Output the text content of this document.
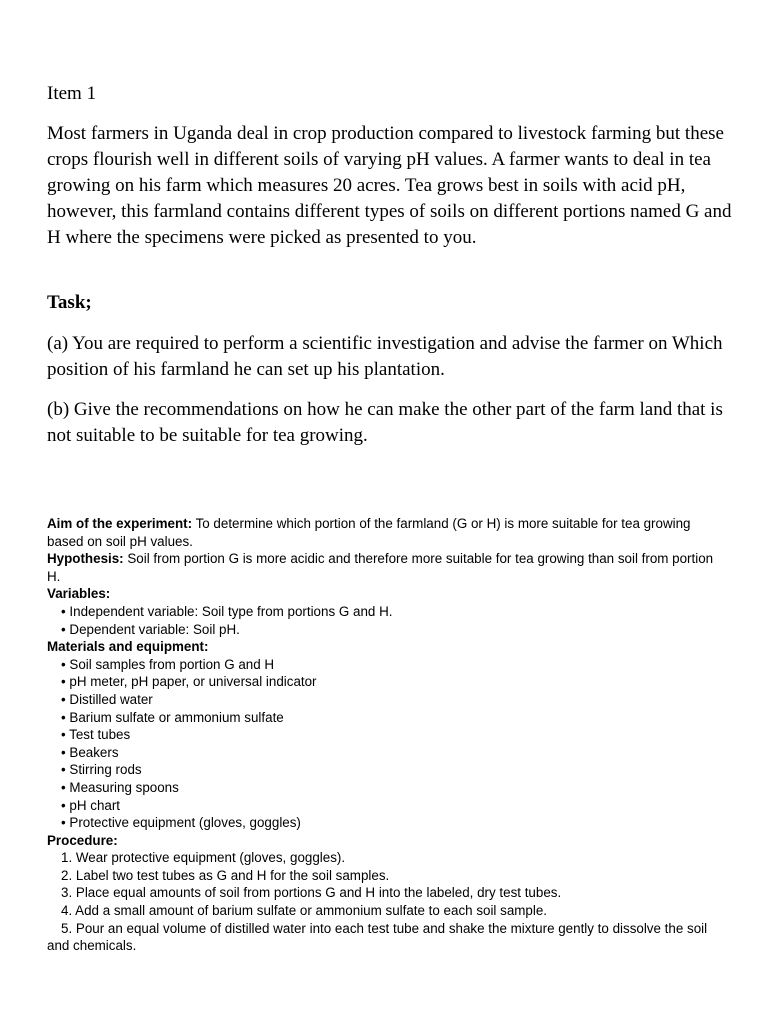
Item 1

Most farmers in Uganda deal in crop production compared to livestock farming but these crops flourish well in different soils of varying pH values. A farmer wants to deal in tea growing on his farm which measures 20 acres. Tea grows best in soils with acid pH, however, this farmland contains different types of soils on different portions named G and H where the specimens were picked as presented to you.

Task;

(a) You are required to perform a scientific investigation and advise the farmer on Which position of his farmland he can set up his plantation.

(b) Give the recommendations on how he can make the other part of the farm land that is not suitable to be suitable for tea growing.

Aim of the experiment: To determine which portion of the farmland (G or H) is more suitable for tea growing based on soil pH values.

Hypothesis: Soil from portion G is more acidic and therefore more suitable for tea growing than soil from portion H.

Variables:

• Independent variable: Soil type from portions G and H.
• Dependent variable: Soil pH.

Materials and equipment:

• Soil samples from portion G and H
• pH meter, pH paper, or universal indicator
• Distilled water
• Barium sulfate or ammonium sulfate
• Test tubes
• Beakers
• Stirring rods
• Measuring spoons
• pH chart
• Protective equipment (gloves, goggles)

Procedure:

1. Wear protective equipment (gloves, goggles).
2. Label two test tubes as G and H for the soil samples.
3. Place equal amounts of soil from portions G and H into the labeled, dry test tubes.
4. Add a small amount of barium sulfate or ammonium sulfate to each soil sample.
5. Pour an equal volume of distilled water into each test tube and shake the mixture gently to dissolve the soil and chemicals.
